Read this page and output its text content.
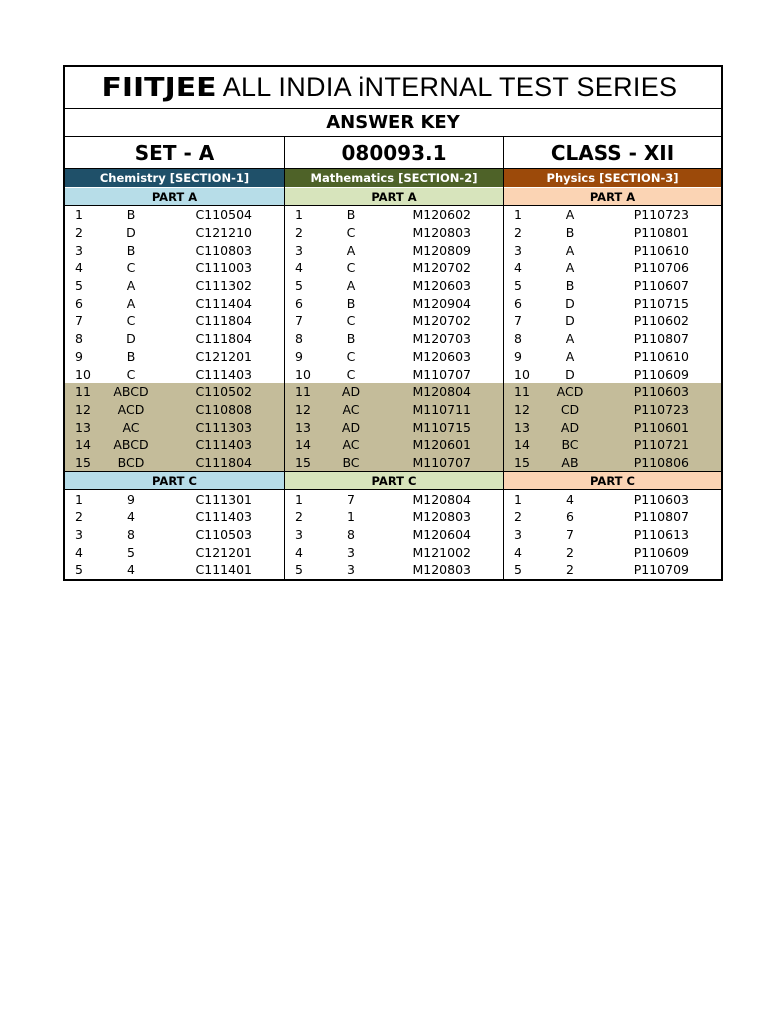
FIITJEE ALL INDIA iNTERNAL TEST SERIES
ANSWER KEY
SET - A	080093.1	CLASS - XII
Chemistry [SECTION-1]
PART A
1	B	C110504
2	D	C121210
3	B	C110803
4	C	C111003
5	A	C111302
6	A	C111404
7	C	C111804
8	D	C111804
9	B	C121201
10	C	C111403
11	ABCD	C110502
12	ACD	C110808
13	AC	C111303
14	ABCD	C111403
15	BCD	C111804
PART C
1	9	C111301
2	4	C111403
3	8	C110503
4	5	C121201
5	4	C111401
Mathematics [SECTION-2]
PART A
1	B	M120602
2	C	M120803
3	A	M120809
4	C	M120702
5	A	M120603
6	B	M120904
7	C	M120702
8	B	M120703
9	C	M120603
10	C	M110707
11	AD	M120804
12	AC	M110711
13	AD	M110715
14	AC	M120601
15	BC	M110707
PART C
1	7	M120804
2	1	M120803
3	8	M120604
4	3	M121002
5	3	M120803
Physics [SECTION-3]
PART A
1	A	P110723
2	B	P110801
3	A	P110610
4	A	P110706
5	B	P110607
6	D	P110715
7	D	P110602
8	A	P110807
9	A	P110610
10	D	P110609
11	ACD	P110603
12	CD	P110723
13	AD	P110601
14	BC	P110721
15	AB	P110806
PART C
1	4	P110603
2	6	P110807
3	7	P110613
4	2	P110609
5	2	P110709
